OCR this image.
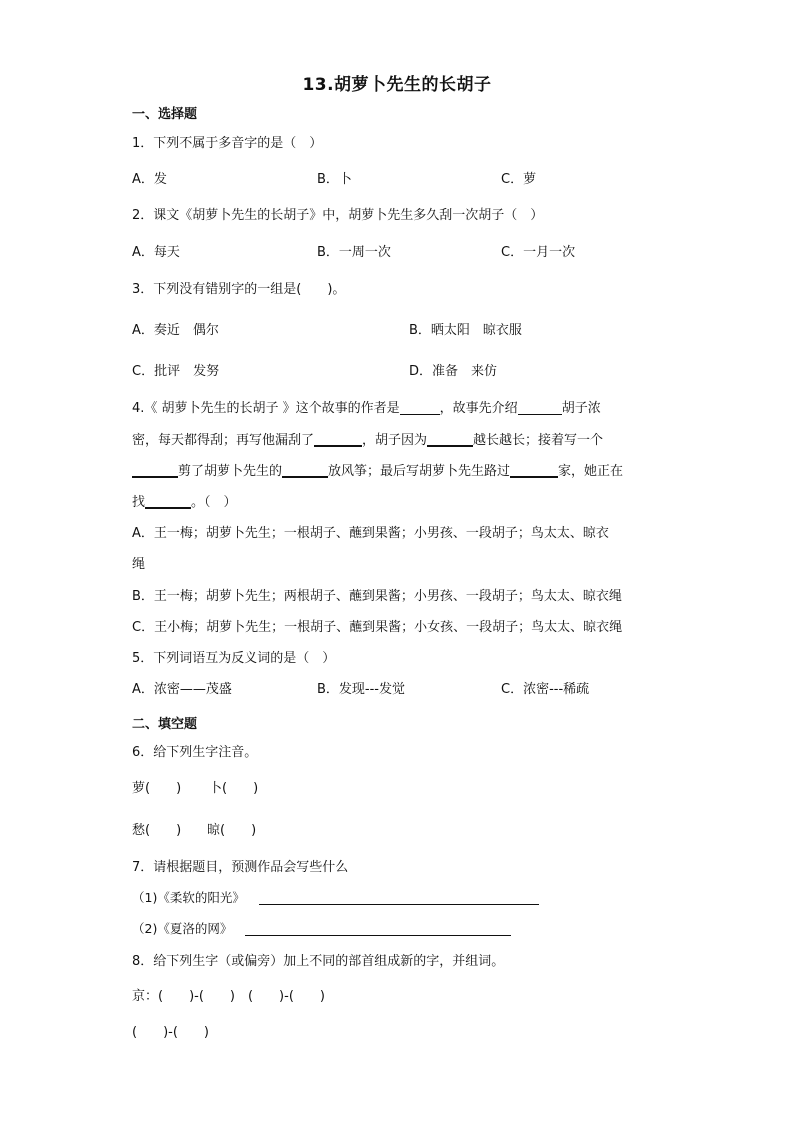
13.胡萝卜先生的长胡子
一、选择题
1．下列不属于多音字的是（　）
A．发	B．卜	C．萝
2．课文《胡萝卜先生的长胡子》中，胡萝卜先生多久刮一次胡子（　）
A．每天	B．一周一次	C．一月一次
3．下列没有错别字的一组是(　　)。
A．奏近　偶尔	B．晒太阳　晾衣服
C．批评　发努	D．准备　来仿
4.《 胡萝卜先生的长胡子 》这个故事的作者是	，故事先介绍	胡子浓
密，每天都得刮；再写他漏刮了	，胡子因为	越长越长；接着写一个
剪了胡萝卜先生的	放风筝；最后写胡萝卜先生路过	家，她正在
找	。（　）
A．王一梅；胡萝卜先生；一根胡子、蘸到果酱；小男孩、一段胡子；鸟太太、晾衣
绳
B．王一梅；胡萝卜先生；两根胡子、蘸到果酱；小男孩、一段胡子；鸟太太、晾衣绳
C．王小梅；胡萝卜先生；一根胡子、蘸到果酱；小女孩、一段胡子；鸟太太、晾衣绳
5．下列词语互为反义词的是（　）
A．浓密——茂盛	B．发现---发觉	C．浓密---稀疏
二、填空题
6．给下列生字注音。
萝(　　) 卜(　　)
愁(　　) 晾(　　)
7．请根据题目，预测作品会写些什么
（1)《柔软的阳光》
（2)《夏洛的网》
8．给下列生字（或偏旁）加上不同的部首组成新的字，并组词。
京：(　　)-(　　)　(　　)-(　　)
(　　)-(　　)
